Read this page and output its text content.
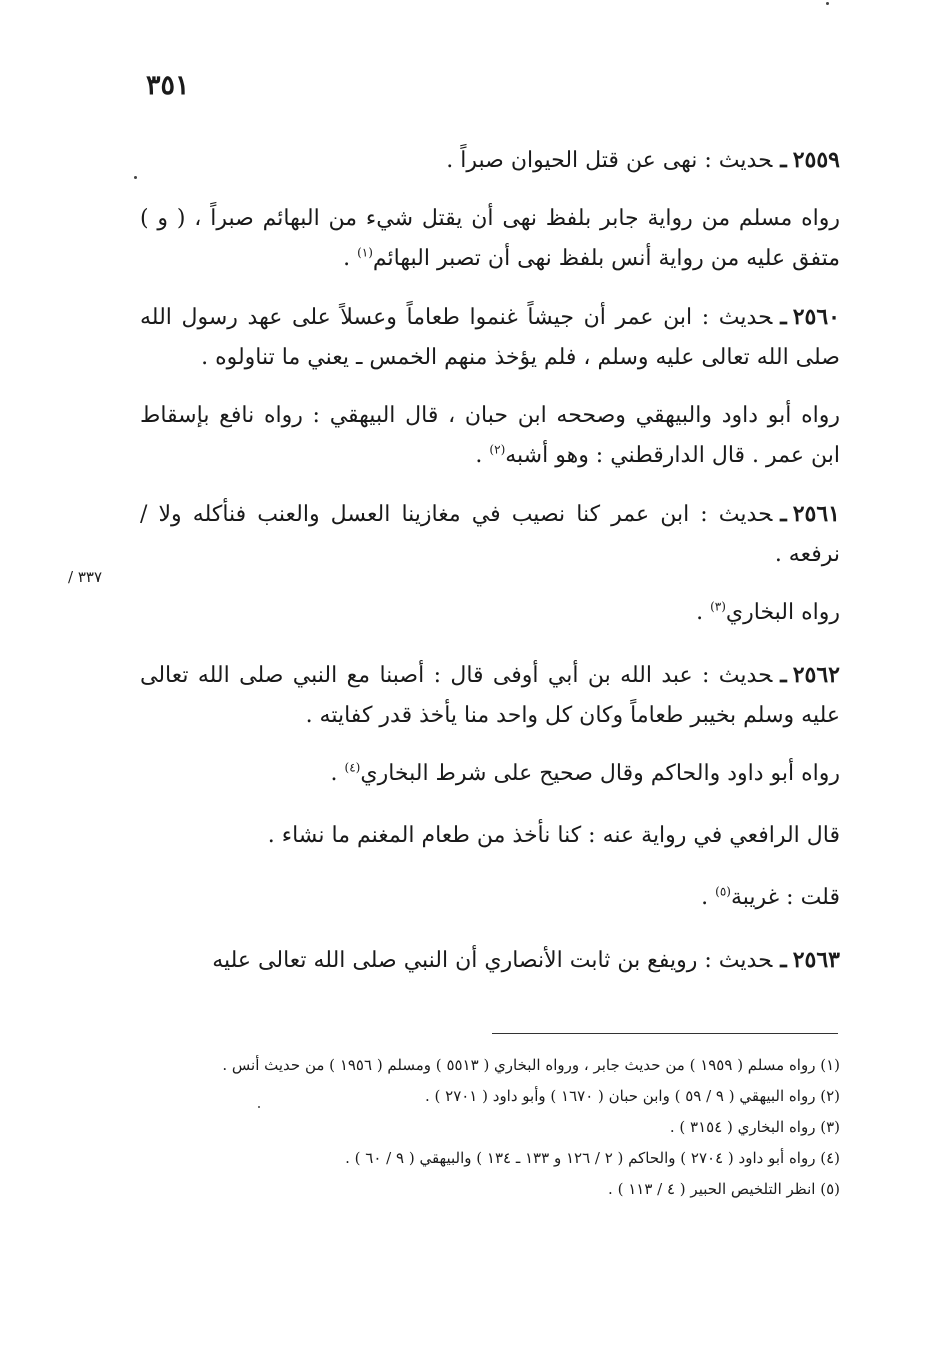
٣٥١
٣٣٧ /

٢٥٥٩ـحديث : نهى عن قتل الحيوان صبراً .

رواه مسلم من رواية جابر بلفظ نهى أن يقتل شيء من البهائم صبراً ، ( و ) متفق عليه من رواية أنس بلفظ نهى أن تصبر البهائم$^{(١)}$ .

٢٥٦٠ـحديث : ابن عمر أن جيشاً غنموا طعاماً وعسلاً على عهد رسول الله صلى الله تعالى عليه وسلم ، فلم يؤخذ منهم الخمس ـ يعني ما تناولوه .

رواه أبو داود والبيهقي وصححه ابن حبان ، قال البيهقي : رواه نافع بإسقاط ابن عمر . قال الدارقطني : وهو أشبه$^{(٢)}$ .

٢٥٦١ـحديث : ابن عمر كنا نصيب في مغازينا العسل والعنب فنأكله ولا / نرفعه .

رواه البخاري$^{(٣)}$ .

٢٥٦٢ـحديث : عبد الله بن أبي أوفى قال : أصبنا مع النبي صلى الله تعالى عليه وسلم بخيبر طعاماً وكان كل واحد منا يأخذ قدر كفايته .

رواه أبو داود والحاكم وقال صحيح على شرط البخاري$^{(٤)}$ .

قال الرافعي في رواية عنه : كنا نأخذ من طعام المغنم ما نشاء .

قلت : غريبة$^{(٥)}$ .

٢٥٦٣ـحديث : رويفع بن ثابت الأنصاري أن النبي صلى الله تعالى عليه

(١) رواه مسلم ( ١٩٥٩ ) من حديث جابر ، ورواه البخاري ( ٥٥١٣ ) ومسلم ( ١٩٥٦ ) من حديث أنس .

(٢) رواه البيهقي ( ٩ / ٥٩ ) وابن حبان ( ١٦٧٠ ) وأبو داود ( ٢٧٠١ ) .

(٣) رواه البخاري ( ٣١٥٤ ) .

(٤) رواه أبو داود ( ٢٧٠٤ ) والحاكم ( ٢ / ١٢٦ و ١٣٣ ـ ١٣٤ ) والبيهقي ( ٩ / ٦٠ ) .

(٥) انظر التلخيص الحبير ( ٤ / ١١٣ ) .
